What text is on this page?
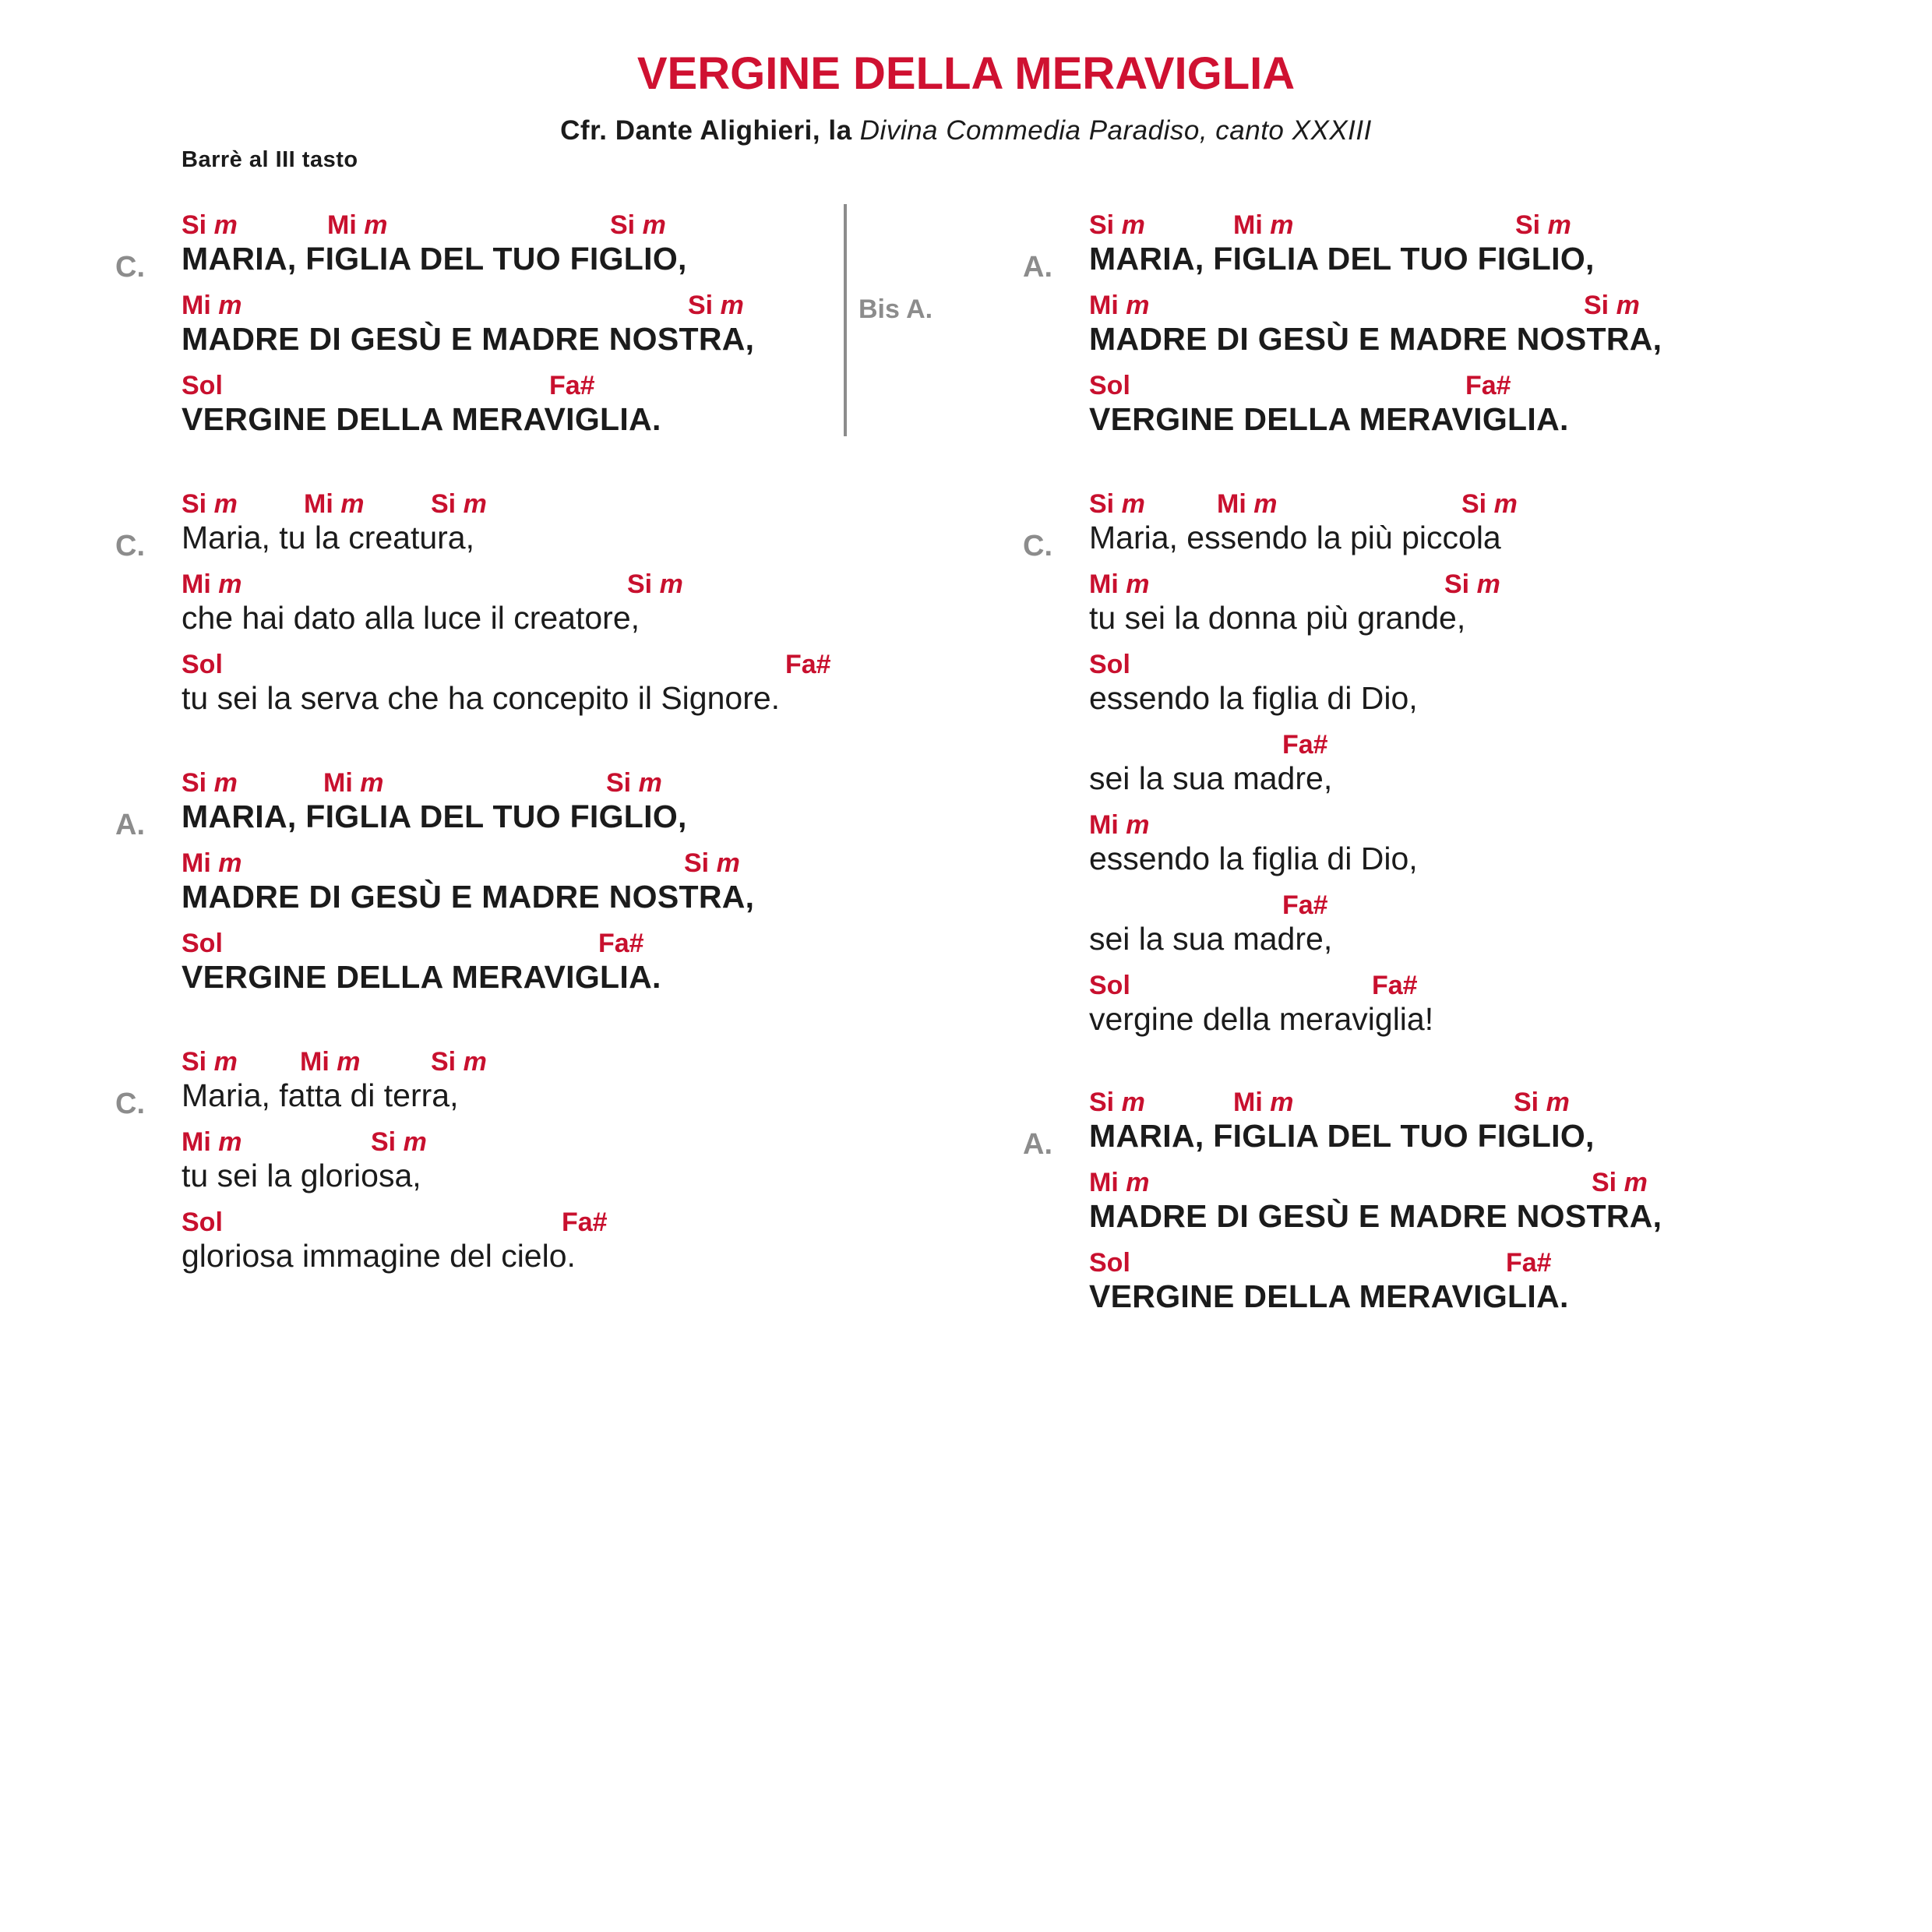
VERGINE DELLA MERAVIGLIA
Cfr. Dante Alighieri, la Divina Commedia Paradiso, canto XXXIII
Barrè al III tasto
Bis A.
C.
Si m	Mi m	Si m
MARIA, FIGLIA DEL TUO FIGLIO,
Mi m	Si m
MADRE DI GESÙ E MADRE NOSTRA,
Sol	Fa#
VERGINE DELLA MERAVIGLIA.
C.
Si m	Mi m	Si m
Maria, tu la creatura,
Mi m	Si m
che hai dato alla luce il creatore,
Sol	Fa#
tu sei la serva che ha concepito il Signore.
A.
Si m	Mi m	Si m
MARIA, FIGLIA DEL TUO FIGLIO,
Mi m	Si m
MADRE DI GESÙ E MADRE NOSTRA,
Sol	Fa#
VERGINE DELLA MERAVIGLIA.
C.
Si m Mi m	Si m
Maria, fatta di terra,
Mi m	Si m
tu sei la gloriosa,
Sol	Fa#
gloriosa immagine del cielo.
A.
Si m	Mi m	Si m
MARIA, FIGLIA DEL TUO FIGLIO,
Mi m	Si m
MADRE DI GESÙ E MADRE NOSTRA,
Sol	Fa#
VERGINE DELLA MERAVIGLIA.
C.
Si m	Mi m	Si m
Maria, essendo la più piccola
Mi m	Si m
tu sei la donna più grande,
Sol
essendo la figlia di Dio,
Fa#
sei la sua madre,
Mi m
essendo la figlia di Dio,
Fa#
sei la sua madre,
Sol	Fa#
vergine della meraviglia!
A.
Si m	Mi m	Si m
MARIA, FIGLIA DEL TUO FIGLIO,
Mi m	Si m
MADRE DI GESÙ E MADRE NOSTRA,
Sol	Fa#
VERGINE DELLA MERAVIGLIA.
